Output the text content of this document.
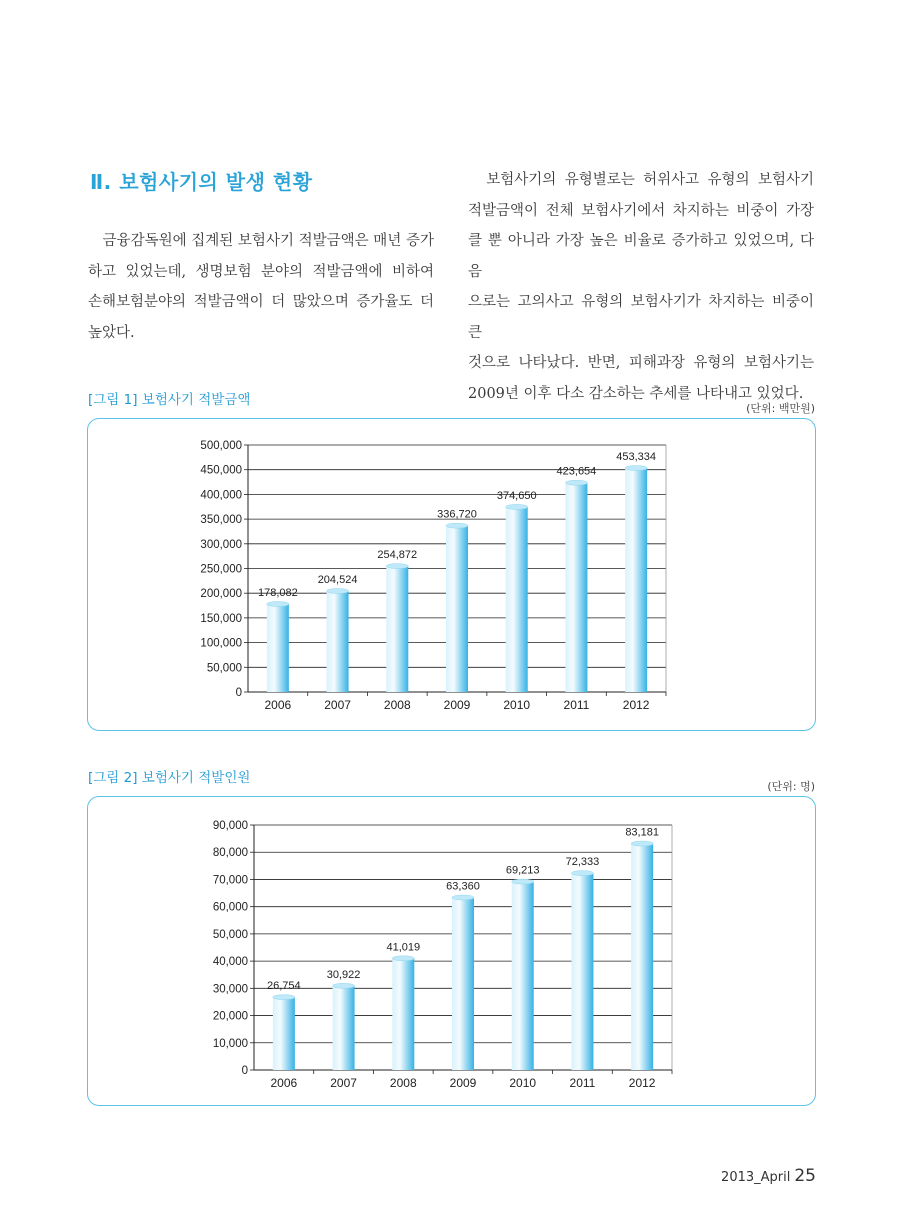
Ⅱ. 보험사기의 발생 현황
　금융감독원에 집계된 보험사기 적발금액은 매년 증가
하고 있었는데, 생명보험 분야의 적발금액에 비하여
손해보험분야의 적발금액이 더 많았으며 증가율도 더
높았다.
　보험사기의 유형별로는 허위사고 유형의 보험사기
적발금액이 전체 보험사기에서 차지하는 비중이 가장
클 뿐 아니라 가장 높은 비율로 증가하고 있었으며, 다음
으로는 고의사고 유형의 보험사기가 차지하는 비중이 큰
것으로 나타났다. 반면, 피해과장 유형의 보험사기는
2009년 이후 다소 감소하는 추세를 나타내고 있었다.
[그림 1] 보험사기 적발금액
(단위: 백만원)
500,000
450,000
400,000
350,000
300,000
250,000
200,000
150,000
100,000
50,000
0
178,082
2006
204,524
2007
254,872
2008
336,720
2009
374,650
2010
423,654
2011
453,334
2012
[그림 2] 보험사기 적발인원
(단위: 명)
90,000
80,000
70,000
60,000
50,000
40,000
30,000
20,000
10,000
0
26,754
2006
30,922
2007
41,019
2008
63,360
2009
69,213
2010
72,333
2011
83,181
2012
2013_April 25
